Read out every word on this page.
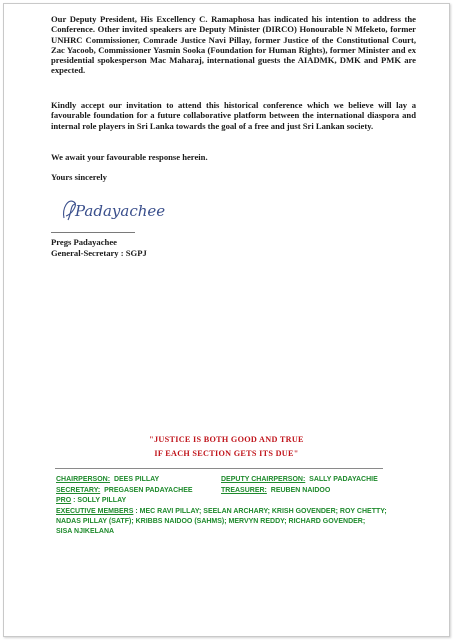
Our Deputy President, His Excellency C. Ramaphosa has indicated his intention to address the Conference. Other invited speakers are Deputy Minister (DIRCO) Honourable N Mfeketo, former UNHRC Commissioner, Comrade Justice Navi Pillay, former Justice of the Constitutional Court, Zac Yacoob, Commissioner Yasmin Sooka (Foundation for Human Rights), former Minister and ex presidential spokesperson Mac Maharaj, international guests the AIADMK, DMK and PMK are expected.
Kindly accept our invitation to attend this historical conference which we believe will lay a favourable foundation for a future collaborative platform between the international diaspora and internal role players in Sri Lanka towards the goal of a free and just Sri Lankan society.
We await your favourable response herein.
Yours sincerely
Padayachee
Pregs Padayachee
General-Secretary : SGPJ
"JUSTICE IS BOTH GOOD AND TRUE
IF EACH SECTION GETS ITS DUE"
CHAIRPERSON: DEES PILLAY	DEPUTY CHAIRPERSON: SALLY PADAYACHIE
SECRETARY: PREGASEN PADAYACHEE	TREASURER: REUBEN NAIDOO
PRO : SOLLY PILLAY
EXECUTIVE MEMBERS : MEC RAVI PILLAY; SEELAN ARCHARY; KRISH GOVENDER; ROY CHETTY;
NADAS PILLAY (SATF); KRIBBS NAIDOO (SAHMS); MERVYN REDDY; RICHARD GOVENDER;
SISA NJIKELANA
